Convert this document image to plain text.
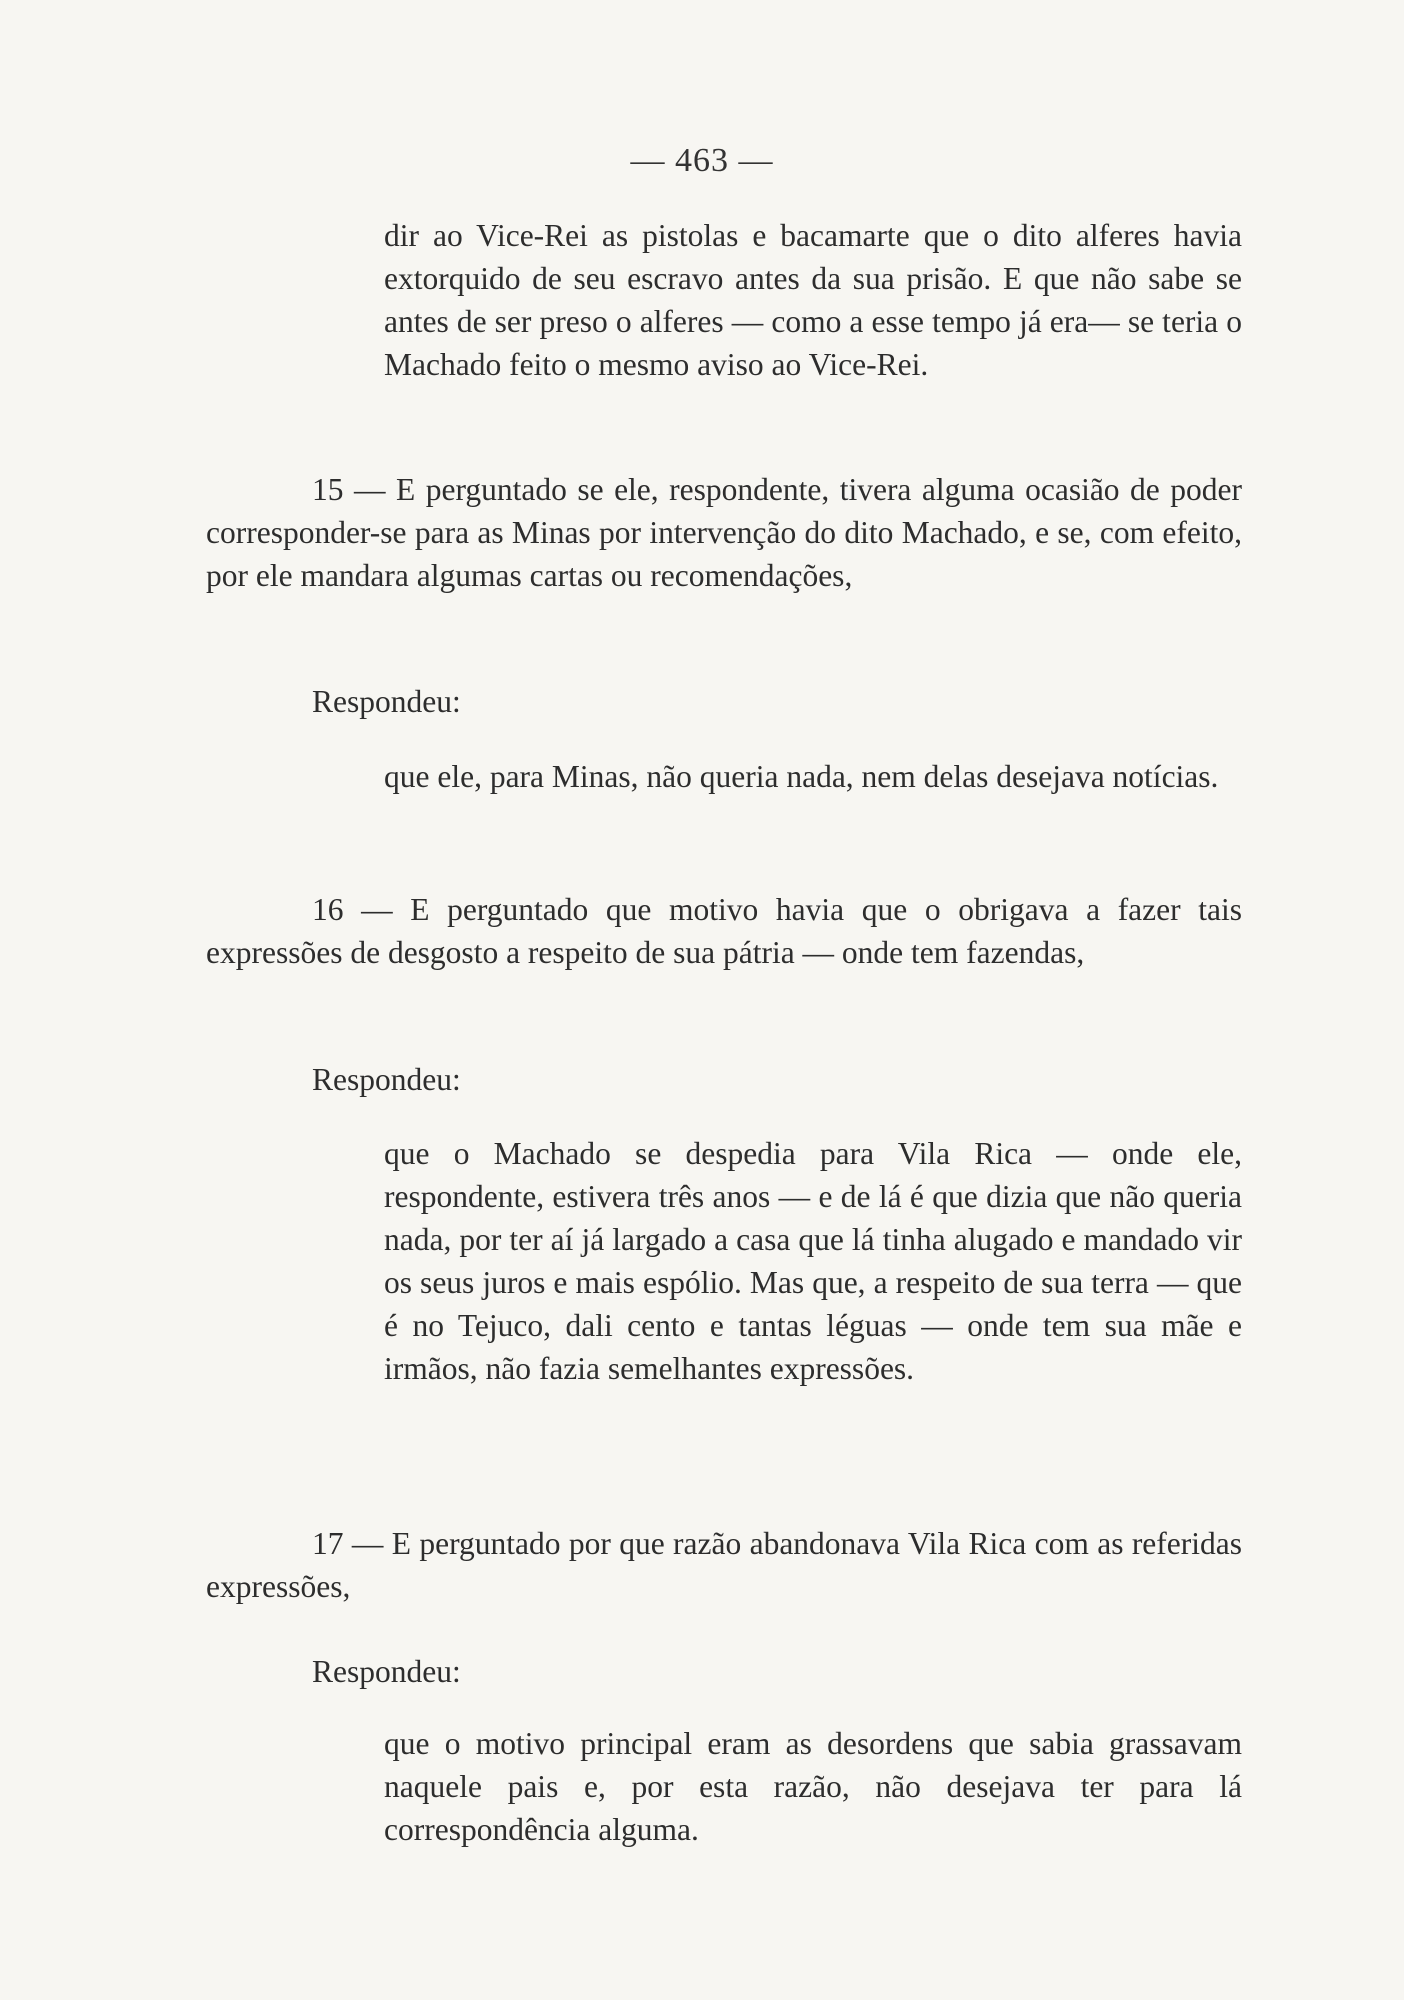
— 463 —

dir ao Vice-Rei as pistolas e bacamarte que o dito alferes havia extorquido de seu escravo antes da sua prisão. E que não sabe se antes de ser preso o alferes — como a esse tempo já era— se teria o Machado feito o mesmo aviso ao Vice-Rei.

15 — E perguntado se ele, respondente, tivera alguma ocasião de poder corresponder-se para as Minas por intervenção do dito Machado, e se, com efeito, por ele mandara algumas cartas ou recomendações,

Respondeu:

que ele, para Minas, não queria nada, nem delas desejava notícias.

16 — E perguntado que motivo havia que o obrigava a fazer tais expressões de desgosto a respeito de sua pátria — onde tem fazendas,

Respondeu:

que o Machado se despedia para Vila Rica — onde ele, respondente, estivera três anos — e de lá é que dizia que não queria nada, por ter aí já largado a casa que lá tinha alugado e mandado vir os seus juros e mais espólio. Mas que, a respeito de sua terra — que é no Tejuco, dali cento e tantas léguas — onde tem sua mãe e irmãos, não fazia semelhantes expressões.

17 — E perguntado por que razão abandonava Vila Rica com as referidas expressões,

Respondeu:

que o motivo principal eram as desordens que sabia grassavam naquele pais e, por esta razão, não desejava ter para lá correspondência alguma.
